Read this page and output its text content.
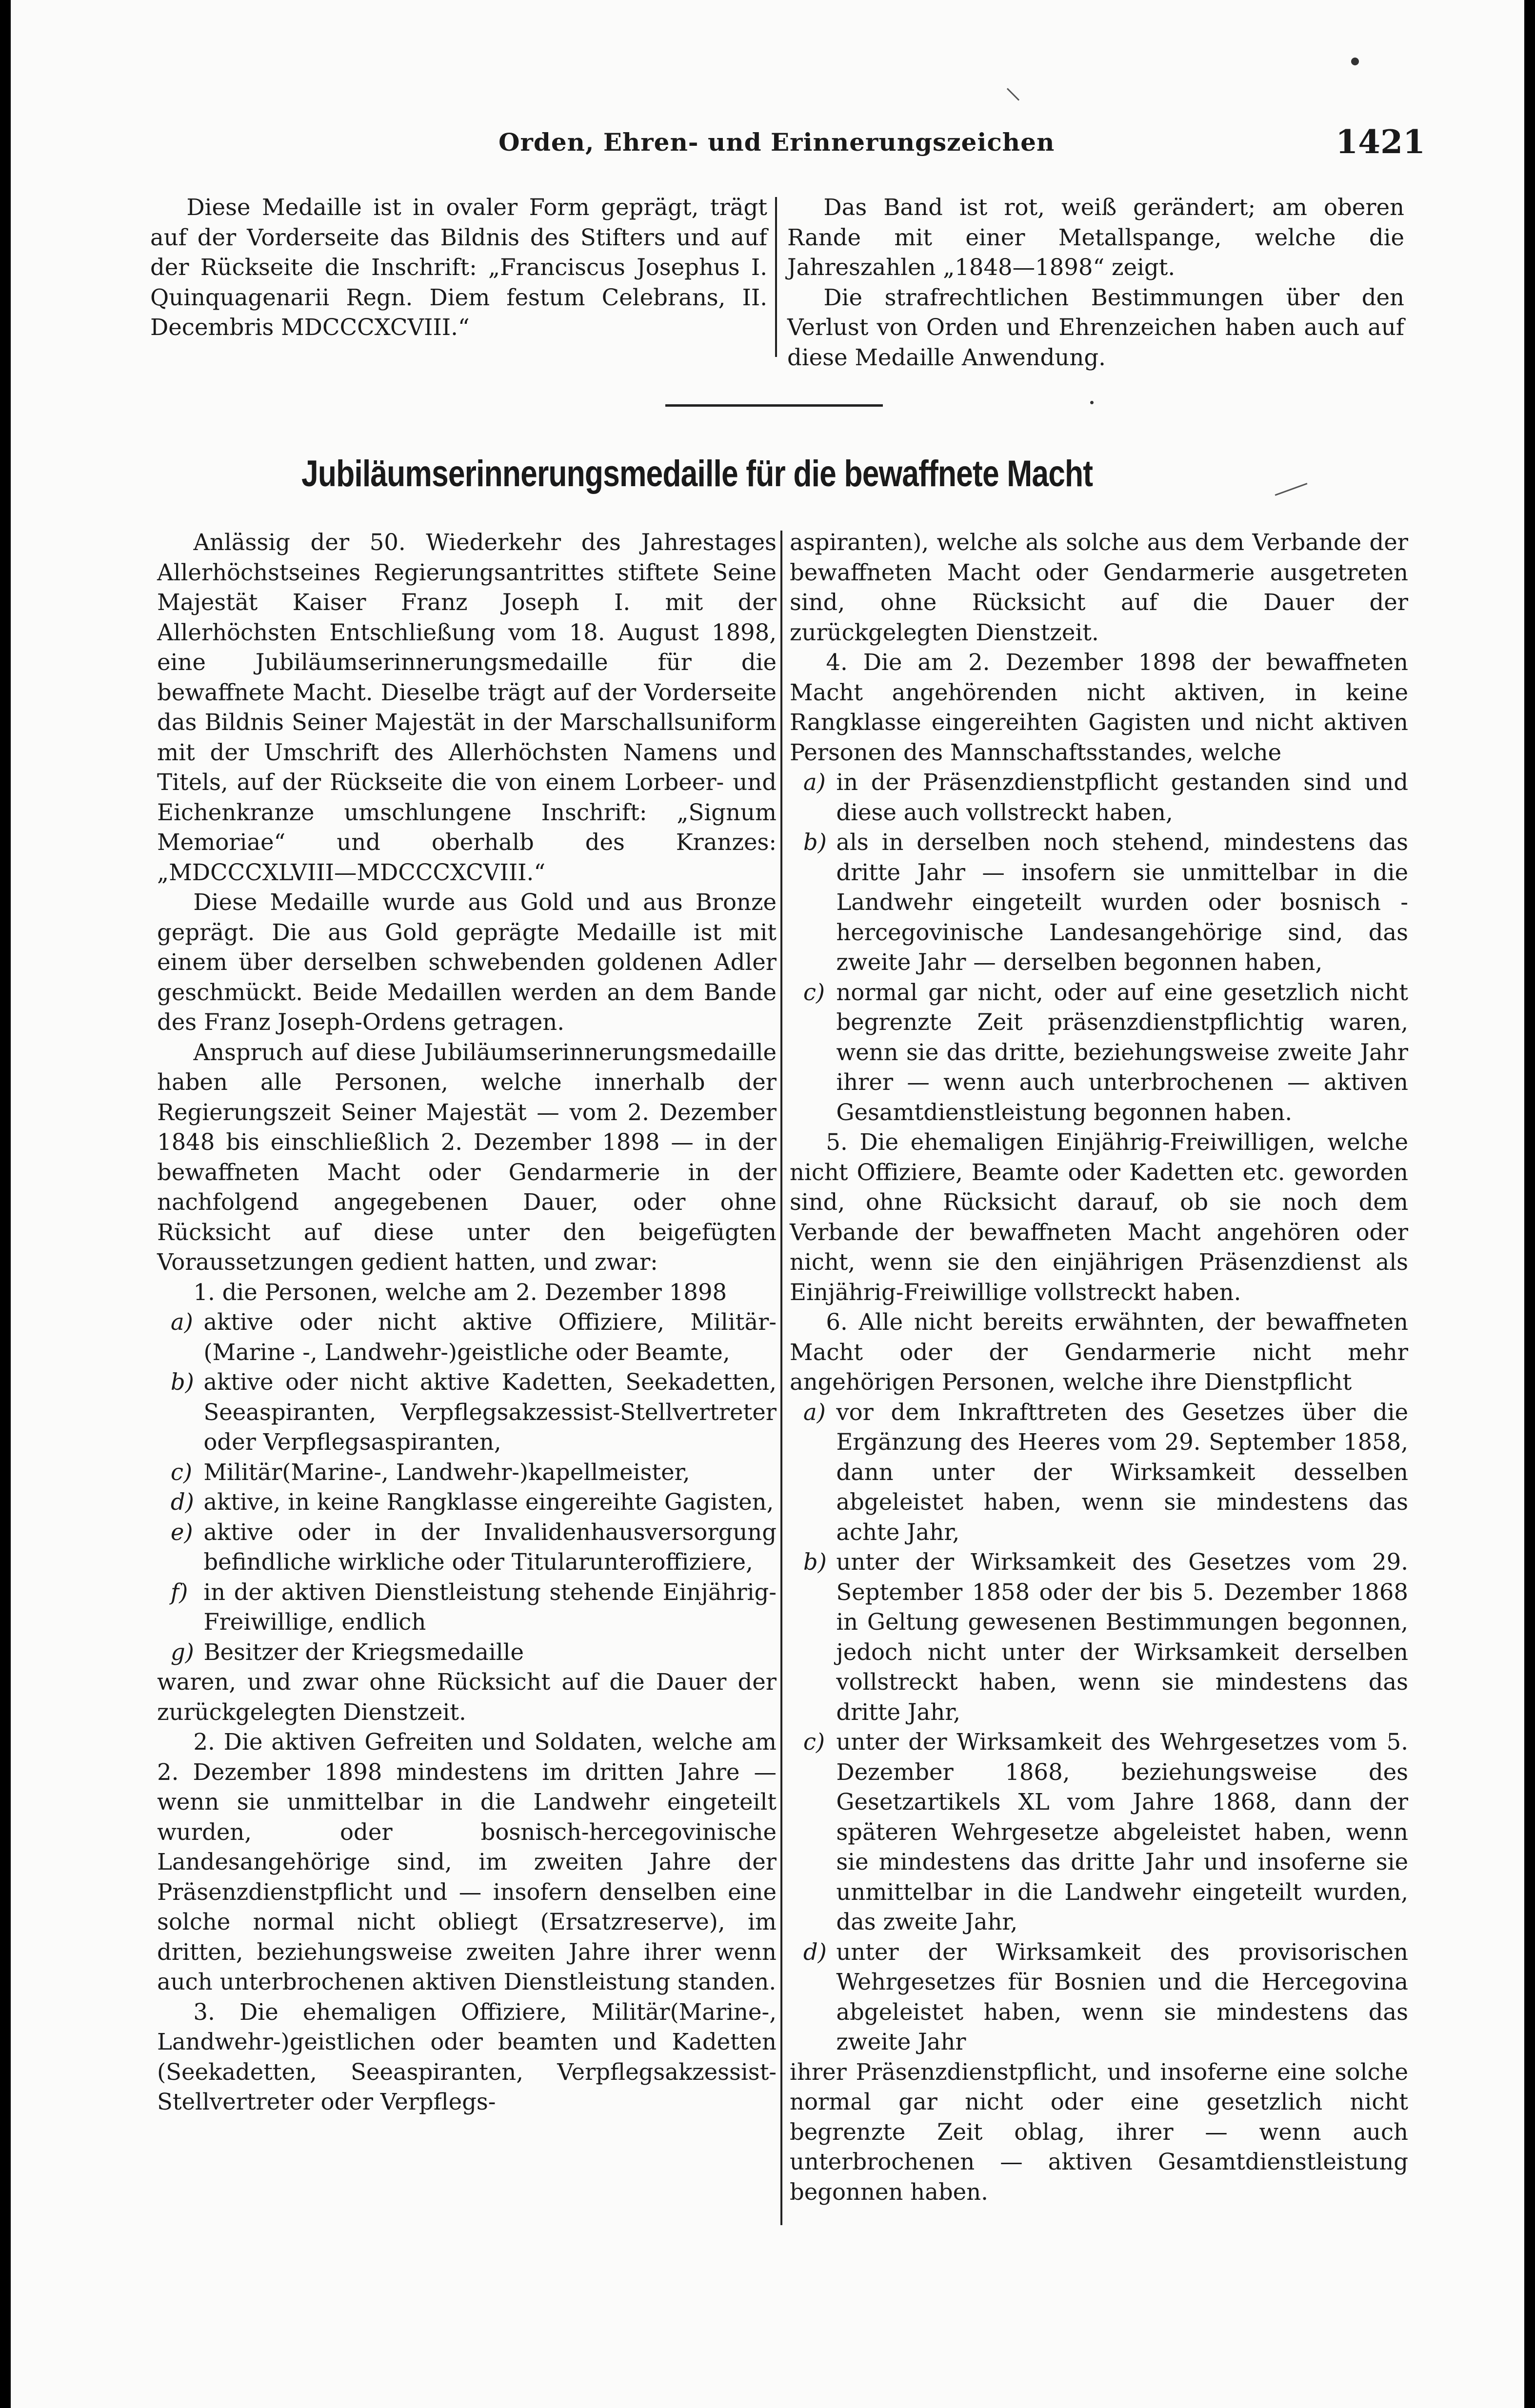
Orden, Ehren- und Erinnerungszeichen	1421

Diese Medaille ist in ovaler Form geprägt, trägt auf der Vorderseite das Bildnis des Stifters und auf der Rückseite die Inschrift: „Franciscus Josephus I. Quinquagenarii Regn. Diem festum Celebrans, II. Decembris MDCCCXCVIII.“

Das Band ist rot, weiß gerändert; am oberen Rande mit einer Metallspange, welche die Jahreszahlen „1848—1898“ zeigt.

Die strafrechtlichen Bestimmungen über den Verlust von Orden und Ehrenzeichen haben auch auf diese Medaille Anwendung.

Jubiläumserinnerungsmedaille für die bewaffnete Macht

Anlässig der 50. Wiederkehr des Jahrestages Allerhöchstseines Regierungsantrittes stiftete Seine Majestät Kaiser Franz Joseph I. mit der Allerhöchsten Entschließung vom 18. August 1898, eine Jubiläumserinnerungsmedaille für die bewaffnete Macht. Dieselbe trägt auf der Vorderseite das Bildnis Seiner Majestät in der Marschallsuniform mit der Umschrift des Allerhöchsten Namens und Titels, auf der Rückseite die von einem Lorbeer- und Eichenkranze umschlungene Inschrift: „Signum Memoriae“ und oberhalb des Kranzes: „MDCCCXLVIII—MDCCCXCVIII.“

Diese Medaille wurde aus Gold und aus Bronze geprägt. Die aus Gold geprägte Medaille ist mit einem über derselben schwebenden goldenen Adler geschmückt. Beide Medaillen werden an dem Bande des Franz Joseph-Ordens getragen.

Anspruch auf diese Jubiläumserinnerungsmedaille haben alle Personen, welche innerhalb der Regierungszeit Seiner Majestät — vom 2. Dezember 1848 bis einschließlich 2. Dezember 1898 — in der bewaffneten Macht oder Gendarmerie in der nachfolgend angegebenen Dauer, oder ohne Rücksicht auf diese unter den beigefügten Voraussetzungen gedient hatten, und zwar:

1. die Personen, welche am 2. Dezember 1898

a) aktive oder nicht aktive Offiziere, Militär- (Marine -, Landwehr-)geistliche oder Beamte,

b) aktive oder nicht aktive Kadetten, Seekadetten, Seeaspiranten, Verpflegsakzessist-Stellvertreter oder Verpflegsaspiranten,

c) Militär(Marine-, Landwehr-)kapellmeister,

d) aktive, in keine Rangklasse eingereihte Gagisten,

e) aktive oder in der Invalidenhausversorgung befindliche wirkliche oder Titularunteroffiziere,

f) in der aktiven Dienstleistung stehende Einjährig-Freiwillige, endlich

g) Besitzer der Kriegsmedaille

waren, und zwar ohne Rücksicht auf die Dauer der zurückgelegten Dienstzeit.

2. Die aktiven Gefreiten und Soldaten, welche am 2. Dezember 1898 mindestens im dritten Jahre — wenn sie unmittelbar in die Landwehr eingeteilt wurden, oder bosnisch-hercegovinische Landesangehörige sind, im zweiten Jahre der Präsenzdienstpflicht und — insofern denselben eine solche normal nicht obliegt (Ersatzreserve), im dritten, beziehungsweise zweiten Jahre ihrer wenn auch unterbrochenen aktiven Dienstleistung standen.

3. Die ehemaligen Offiziere, Militär(Marine-, Landwehr-)geistlichen oder beamten und Kadetten (Seekadetten, Seeaspiranten, Verpflegsakzessist-Stellvertreter oder Verpflegs-

aspiranten), welche als solche aus dem Verbande der bewaffneten Macht oder Gendarmerie ausgetreten sind, ohne Rücksicht auf die Dauer der zurückgelegten Dienstzeit.

4. Die am 2. Dezember 1898 der bewaffneten Macht angehörenden nicht aktiven, in keine Rangklasse eingereihten Gagisten und nicht aktiven Personen des Mannschaftsstandes, welche

a) in der Präsenzdienstpflicht gestanden sind und diese auch vollstreckt haben,

b) als in derselben noch stehend, mindestens das dritte Jahr — insofern sie unmittelbar in die Landwehr eingeteilt wurden oder bosnisch - hercegovinische Landesangehörige sind, das zweite Jahr — derselben begonnen haben,

c) normal gar nicht, oder auf eine gesetzlich nicht begrenzte Zeit präsenzdienstpflichtig waren, wenn sie das dritte, beziehungsweise zweite Jahr ihrer — wenn auch unterbrochenen — aktiven Gesamtdienstleistung begonnen haben.

5. Die ehemaligen Einjährig-Freiwilligen, welche nicht Offiziere, Beamte oder Kadetten etc. geworden sind, ohne Rücksicht darauf, ob sie noch dem Verbande der bewaffneten Macht angehören oder nicht, wenn sie den einjährigen Präsenzdienst als Einjährig-Freiwillige vollstreckt haben.

6. Alle nicht bereits erwähnten, der bewaffneten Macht oder der Gendarmerie nicht mehr angehörigen Personen, welche ihre Dienstpflicht

a) vor dem Inkrafttreten des Gesetzes über die Ergänzung des Heeres vom 29. September 1858, dann unter der Wirksamkeit desselben abgeleistet haben, wenn sie mindestens das achte Jahr,

b) unter der Wirksamkeit des Gesetzes vom 29. September 1858 oder der bis 5. Dezember 1868 in Geltung gewesenen Bestimmungen begonnen, jedoch nicht unter der Wirksamkeit derselben vollstreckt haben, wenn sie mindestens das dritte Jahr,

c) unter der Wirksamkeit des Wehrgesetzes vom 5. Dezember 1868, beziehungsweise des Gesetzartikels XL vom Jahre 1868, dann der späteren Wehrgesetze abgeleistet haben, wenn sie mindestens das dritte Jahr und insoferne sie unmittelbar in die Landwehr eingeteilt wurden, das zweite Jahr,

d) unter der Wirksamkeit des provisorischen Wehrgesetzes für Bosnien und die Hercegovina abgeleistet haben, wenn sie mindestens das zweite Jahr

ihrer Präsenzdienstpflicht, und insoferne eine solche normal gar nicht oder eine gesetzlich nicht begrenzte Zeit oblag, ihrer — wenn auch unterbrochenen — aktiven Gesamtdienstleistung begonnen haben.
